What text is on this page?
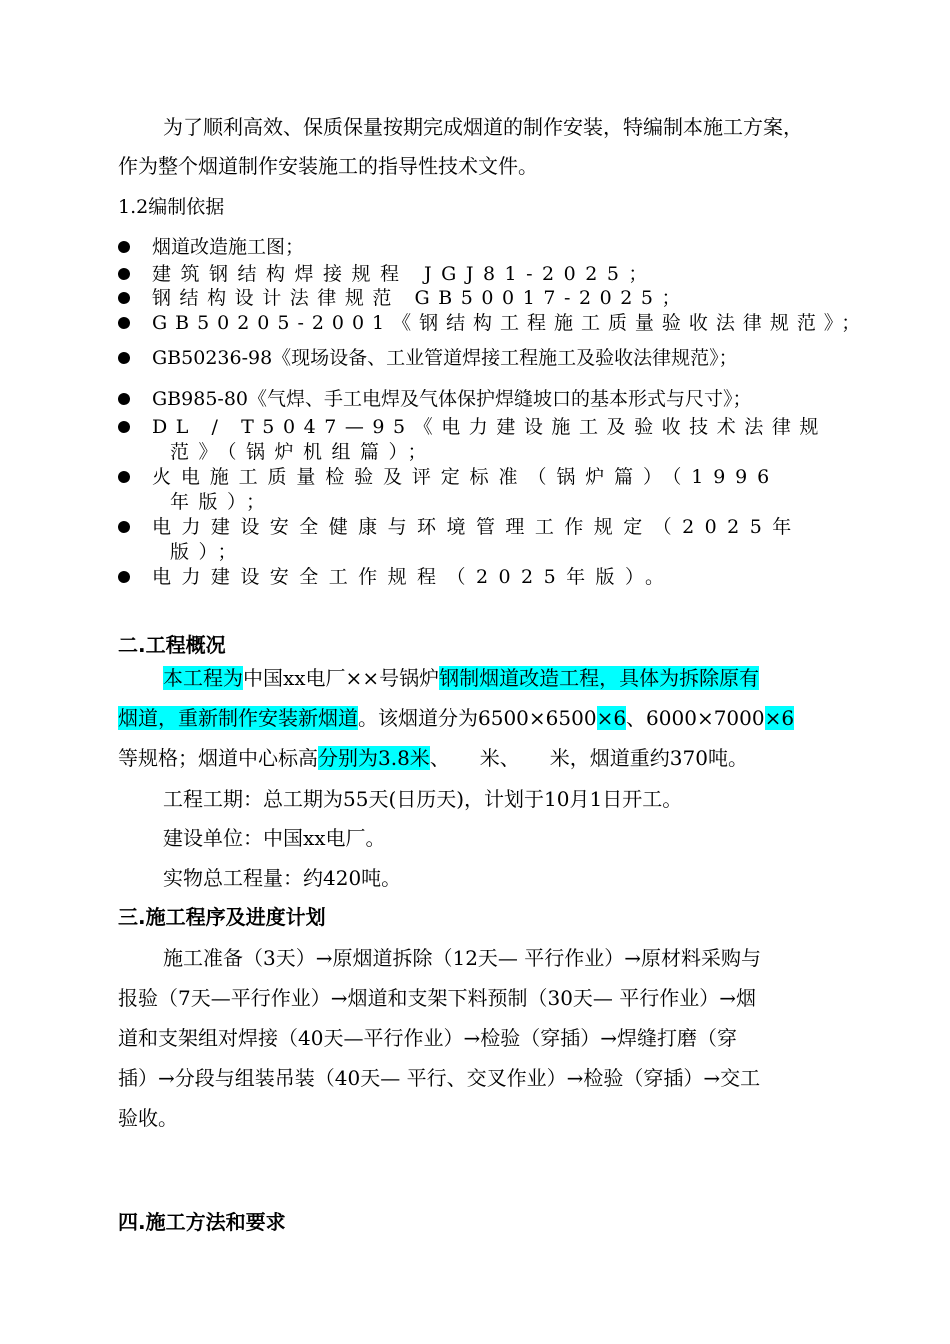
为了顺利高效、保质保量按期完成烟道的制作安装，特编制本施工方案，
作为整个烟道制作安装施工的指导性技术文件。
1.2编制依据
烟道改造施工图；
建筑钢结构焊接规程 JGJ81-2025；
钢结构设计法律规范 GB50017-2025；
GB50205-2001《钢结构工程施工质量验收法律规范》；
GB50236-98《现场设备、工业管道焊接工程施工及验收法律规范》；
GB985-80《气焊、手工电焊及气体保护焊缝坡口的基本形式与尺寸》；
DL / T5047—95《电力建设施工及验收技术法律规
范》（锅炉机组篇）；
火电施工质量检验及评定标准（锅炉篇）（1996
年版）；
电力建设安全健康与环境管理工作规定（2025年
版）；
电力建设安全工作规程（2025年版）。
二.工程概况
本工程为中国xx电厂××号锅炉钢制烟道改造工程，具体为拆除原有
烟道，重新制作安装新烟道。该烟道分为6500×6500×6、6000×7000×6
等规格；烟道中心标高分别为3.8米、　　米、　　米，烟道重约370吨。
工程工期：总工期为55天(日历天)，计划于10月1日开工。
建设单位：中国xx电厂。
实物总工程量：约420吨。
三.施工程序及进度计划
施工准备（3天）→原烟道拆除（12天— 平行作业）→原材料采购与
报验（7天—平行作业）→烟道和支架下料预制（30天— 平行作业）→烟
道和支架组对焊接（40天—平行作业）→检验（穿插）→焊缝打磨（穿
插）→分段与组装吊装（40天— 平行、交叉作业）→检验（穿插）→交工
验收。
四.施工方法和要求
